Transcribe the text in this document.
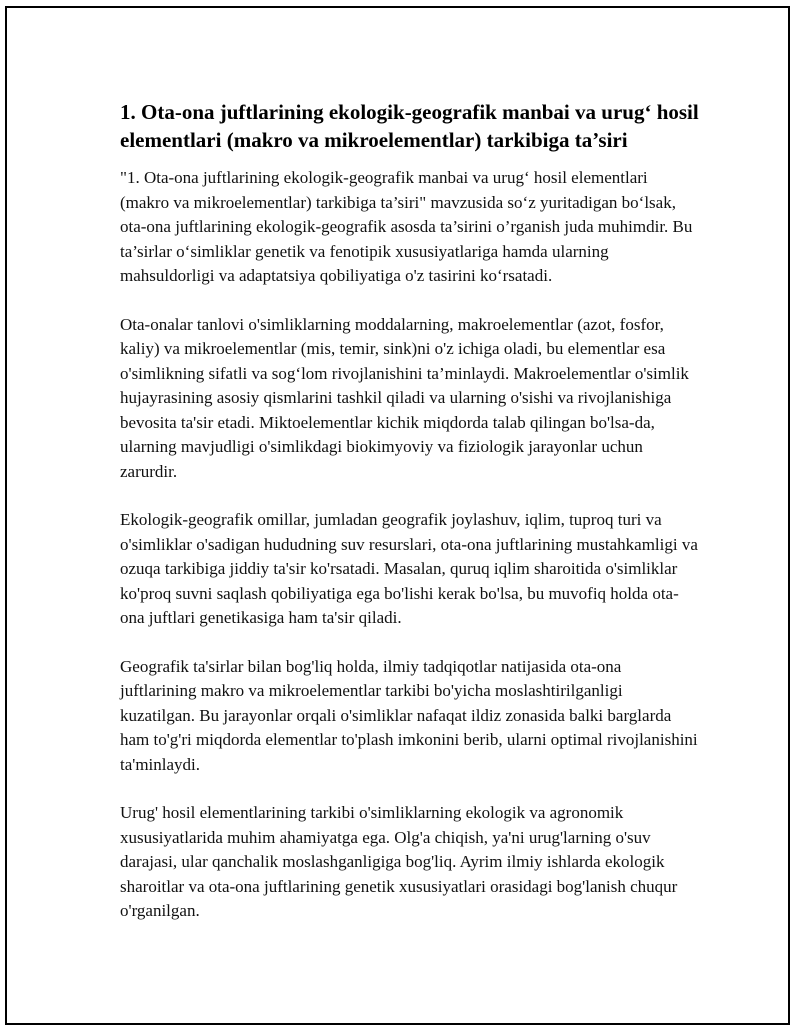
1. Ota-ona juftlarining ekologik-geografik manbai va urug‘ hosil elementlari (makro va mikroelementlar) tarkibiga ta’siri

"1. Ota-ona juftlarining ekologik-geografik manbai va urug‘ hosil elementlari (makro va mikroelementlar) tarkibiga ta’siri" mavzusida so‘z yuritadigan bo‘lsak, ota-ona juftlarining ekologik-geografik asosda ta’sirini o’rganish juda muhimdir. Bu ta’sirlar o‘simliklar genetik va fenotipik xususiyatlariga hamda ularning mahsuldorligi va adaptatsiya qobiliyatiga o'z tasirini ko‘rsatadi.

Ota-onalar tanlovi o'simliklarning moddalarning, makroelementlar (azot, fosfor, kaliy) va mikroelementlar (mis, temir, sink)ni o'z ichiga oladi, bu elementlar esa o'simlikning sifatli va sog‘lom rivojlanishini ta’minlaydi. Makroelementlar o'simlik hujayrasining asosiy qismlarini tashkil qiladi va ularning o'sishi va rivojlanishiga bevosita ta'sir etadi. Miktoelementlar kichik miqdorda talab qilingan bo'lsa-da, ularning mavjudligi o'simlikdagi biokimyoviy va fiziologik jarayonlar uchun zarurdir.

Ekologik-geografik omillar, jumladan geografik joylashuv, iqlim, tuproq turi va o'simliklar o'sadigan hududning suv resurslari, ota-ona juftlarining mustahkamligi va ozuqa tarkibiga jiddiy ta'sir ko'rsatadi. Masalan, quruq iqlim sharoitida o'simliklar ko'proq suvni saqlash qobiliyatiga ega bo'lishi kerak bo'lsa, bu muvofiq holda ota-ona juftlari genetikasiga ham ta'sir qiladi.

Geografik ta'sirlar bilan bog'liq holda, ilmiy tadqiqotlar natijasida ota-ona juftlarining makro va mikroelementlar tarkibi bo'yicha moslashtirilganligi kuzatilgan. Bu jarayonlar orqali o'simliklar nafaqat ildiz zonasida balki barglarda ham to'g'ri miqdorda elementlar to'plash imkonini berib, ularni optimal rivojlanishini ta'minlaydi.

Urug' hosil elementlarining tarkibi o'simliklarning ekologik va agronomik xususiyatlarida muhim ahamiyatga ega. Olg'a chiqish, ya'ni urug'larning o'suv darajasi, ular qanchalik moslashganligiga bog'liq. Ayrim ilmiy ishlarda ekologik sharoitlar va ota-ona juftlarining genetik xususiyatlari orasidagi bog'lanish chuqur o'rganilgan.
